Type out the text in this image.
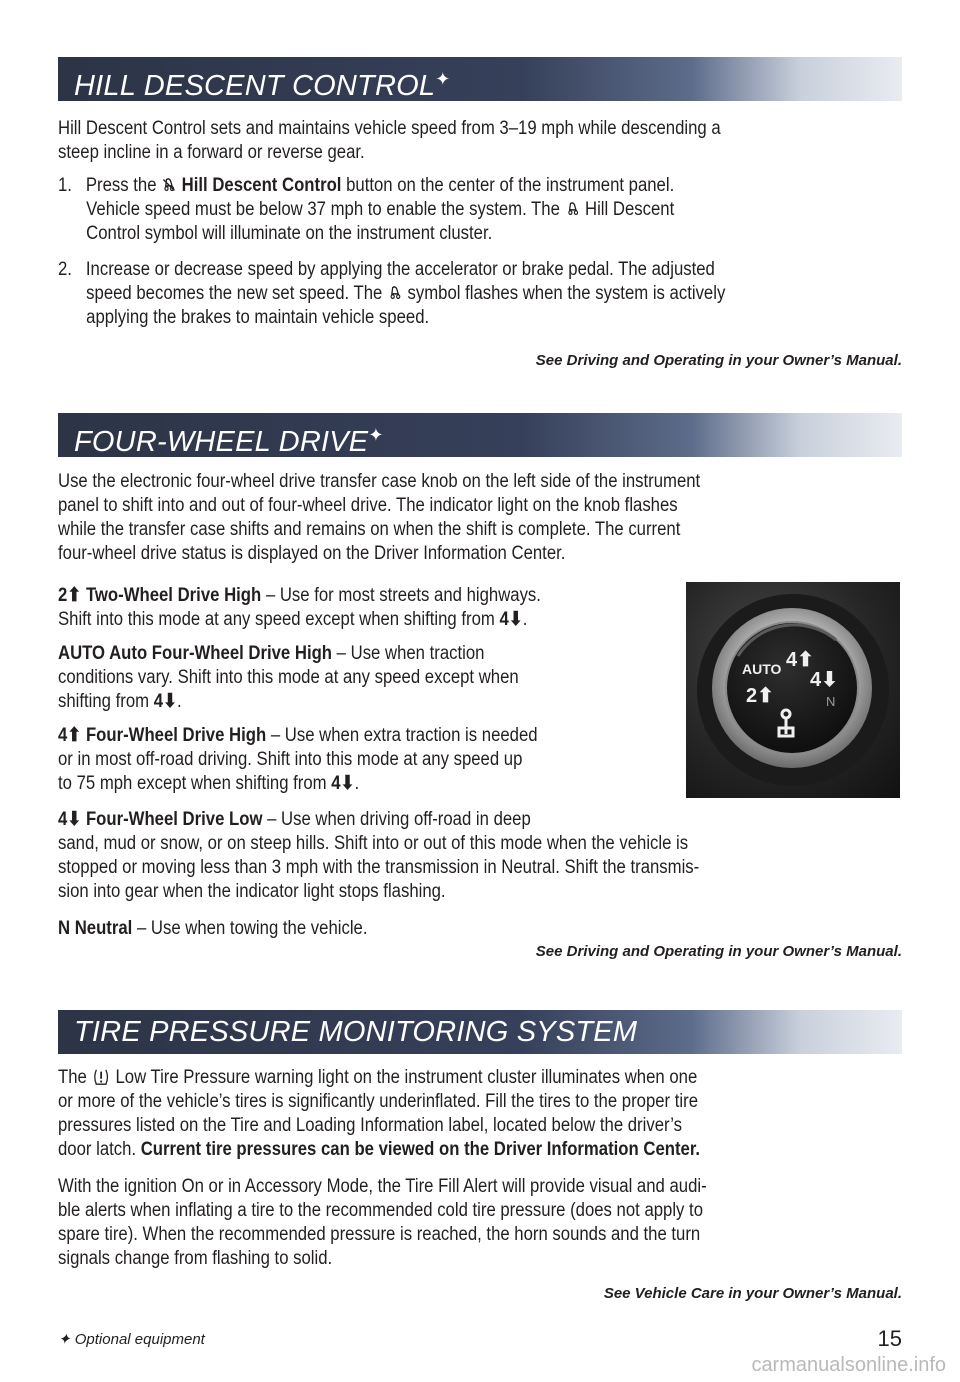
HILL DESCENT CONTROL✦
Hill Descent Control sets and maintains vehicle speed from 3–19 mph while descending a
steep incline in a forward or reverse gear.
1. Press the Hill Descent Control button on the center of the instrument panel.
Vehicle speed must be below 37 mph to enable the system. The Hill Descent
Control symbol will illuminate on the instrument cluster.
2. Increase or decrease speed by applying the accelerator or brake pedal. The adjusted
speed becomes the new set speed. The symbol flashes when the system is actively
applying the brakes to maintain vehicle speed.
See Driving and Operating in your Owner’s Manual.
FOUR-WHEEL DRIVE✦
Use the electronic four-wheel drive transfer case knob on the left side of the instrument
panel to shift into and out of four-wheel drive. The indicator light on the knob flashes
while the transfer case shifts and remains on when the shift is complete. The current
four-wheel drive status is displayed on the Driver Information Center.
2⬆ Two-Wheel Drive High – Use for most streets and highways.
Shift into this mode at any speed except when shifting from 4⬇.
AUTO Auto Four-Wheel Drive High – Use when traction
conditions vary. Shift into this mode at any speed except when
shifting from 4⬇.
4⬆ Four-Wheel Drive High – Use when extra traction is needed
or in most off-road driving. Shift into this mode at any speed up
to 75 mph except when shifting from 4⬇.
4⬇ Four-Wheel Drive Low – Use when driving off-road in deep
sand, mud or snow, or on steep hills. Shift into or out of this mode when the vehicle is
stopped or moving less than 3 mph with the transmission in Neutral. Shift the transmis-
sion into gear when the indicator light stops flashing.
N Neutral – Use when towing the vehicle.
See Driving and Operating in your Owner’s Manual.
AUTO 4⬆
2⬆
4⬇
N
TIRE PRESSURE MONITORING SYSTEM
The Low Tire Pressure warning light on the instrument cluster illuminates when one
or more of the vehicle’s tires is significantly underinflated. Fill the tires to the proper tire
pressures listed on the Tire and Loading Information label, located below the driver’s
door latch. Current tire pressures can be viewed on the Driver Information Center.
With the ignition On or in Accessory Mode, the Tire Fill Alert will provide visual and audi-
ble alerts when inflating a tire to the recommended cold tire pressure (does not apply to
spare tire). When the recommended pressure is reached, the horn sounds and the turn
signals change from flashing to solid.
See Vehicle Care in your Owner’s Manual.
✦ Optional equipment	15
carmanualsonline.info
